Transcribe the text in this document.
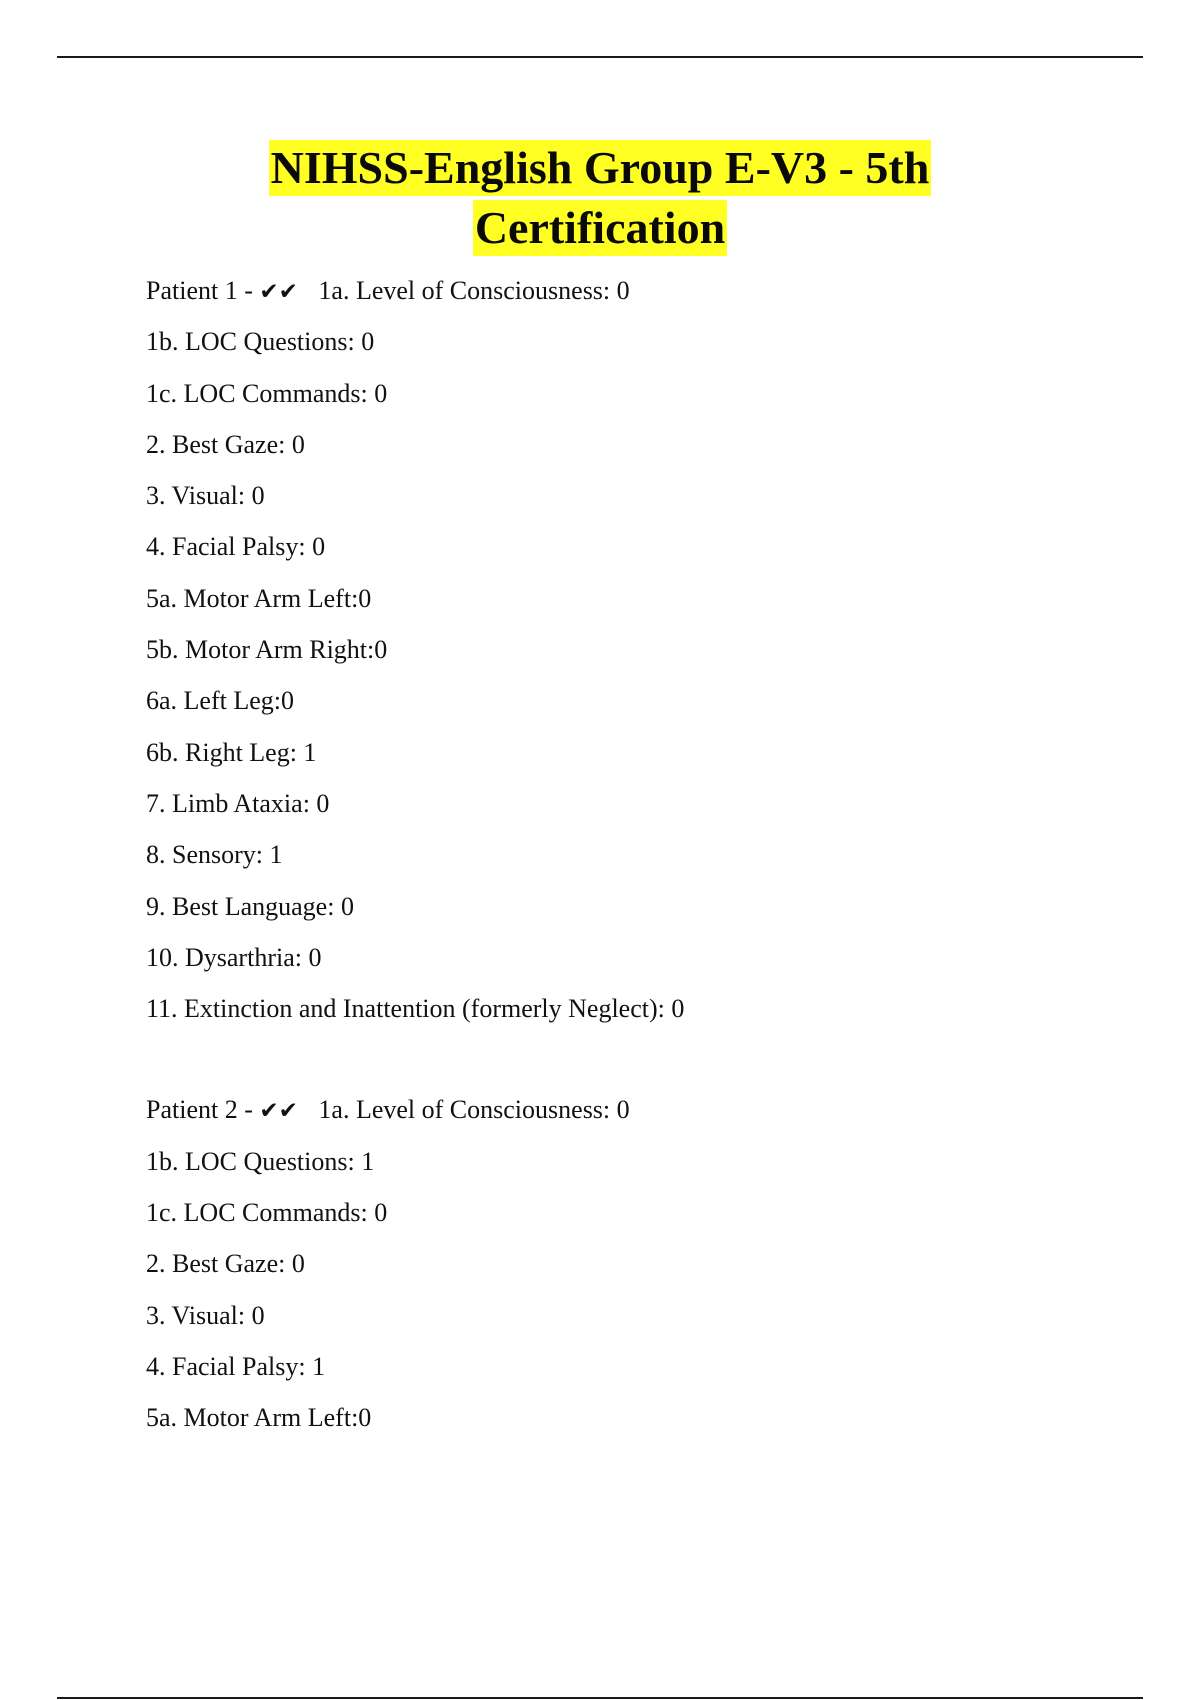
NIHSS-English Group E-V3 - 5th
Certification
Patient 1 - ✔✔ 1a. Level of Consciousness: 0
1b. LOC Questions: 0
1c. LOC Commands: 0
2. Best Gaze: 0
3. Visual: 0
4. Facial Palsy: 0
5a. Motor Arm Left:0
5b. Motor Arm Right:0
6a. Left Leg:0
6b. Right Leg: 1
7. Limb Ataxia: 0
8. Sensory: 1
9. Best Language: 0
10. Dysarthria: 0
11. Extinction and Inattention (formerly Neglect): 0
Patient 2 - ✔✔ 1a. Level of Consciousness: 0
1b. LOC Questions: 1
1c. LOC Commands: 0
2. Best Gaze: 0
3. Visual: 0
4. Facial Palsy: 1
5a. Motor Arm Left:0
